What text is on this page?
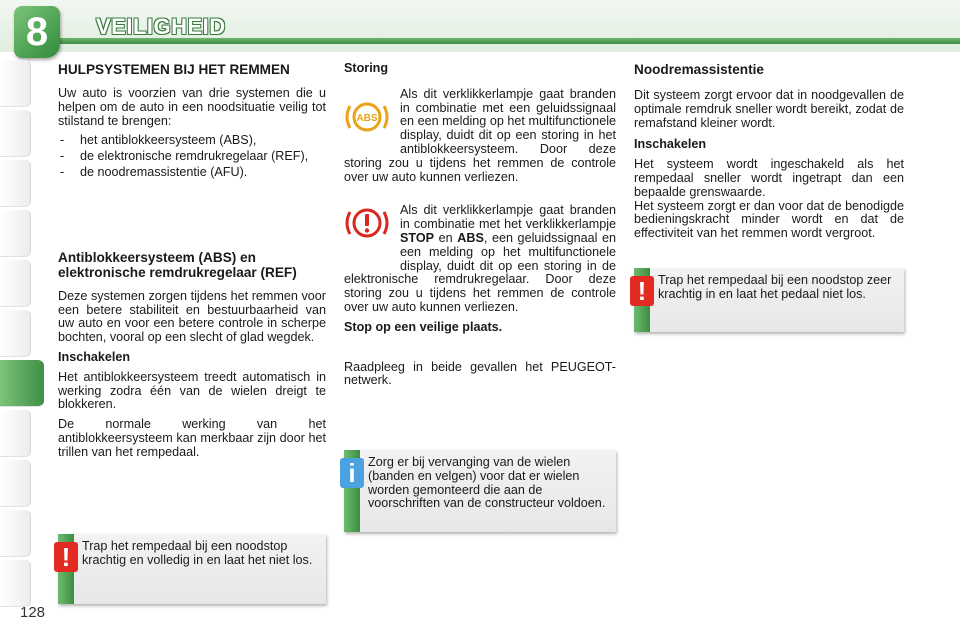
8	VEILIGHEID
HULPSYSTEMEN BIJ HET REMMEN

Uw auto is voorzien van drie systemen die u helpen om de auto in een noodsituatie veilig tot stilstand te brengen:

- het antiblokkeersysteem (ABS),
- de elektronische remdrukregelaar (REF),
- de noodremassistentie (AFU).
Antiblokkeersysteem (ABS) en elektronische remdrukregelaar (REF)

Deze systemen zorgen tijdens het remmen voor een betere stabiliteit en bestuurbaarheid van uw auto en voor een betere controle in scherpe bochten, vooral op een slecht of glad wegdek.

Inschakelen

Het antiblokkeersysteem treedt automatisch in werking zodra één van de wielen dreigt te blokkeren.

De normale werking van het antiblokkeersysteem kan merkbaar zijn door het trillen van het rempedaal.

! Trap het rempedaal bij een noodstop krachtig en volledig in en laat het niet los.

Storing

ABS

Als dit verklikkerlampje gaat branden in combinatie met een geluidssignaal en een melding op het multifunctionele display, duidt dit op een storing in het antiblokkeersysteem. Door deze storing zou u tijdens het remmen de controle over uw auto kunnen verliezen.

Als dit verklikkerlampje gaat branden in combinatie met het verklikkerlampje STOP en ABS, een geluidssignaal en een melding op het multifunctionele display, duidt dit op een storing in de elektronische remdrukregelaar. Door deze storing zou u tijdens het remmen de controle over uw auto kunnen verliezen.

Stop op een veilige plaats.

Raadpleeg in beide gevallen het PEUGEOT-netwerk.

i Zorg er bij vervanging van de wielen (banden en velgen) voor dat er wielen worden gemonteerd die aan de voorschriften van de constructeur voldoen.
Noodremassistentie

Dit systeem zorgt ervoor dat in noodgevallen de optimale remdruk sneller wordt bereikt, zodat de remafstand kleiner wordt.

Inschakelen

Het systeem wordt ingeschakeld als het rempedaal sneller wordt ingetrapt dan een bepaalde grenswaarde.

Het systeem zorgt er dan voor dat de benodigde bedieningskracht minder wordt en dat de effectiviteit van het remmen wordt vergroot.

! Trap het rempedaal bij een noodstop zeer krachtig in en laat het pedaal niet los.
128
